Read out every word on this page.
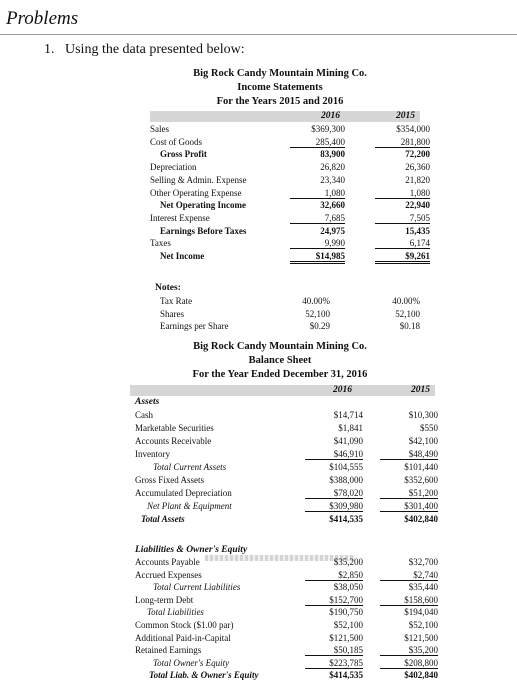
Problems
1. Using the data presented below:
Big Rock Candy Mountain Mining Co.
Income Statements
For the Years 2015 and 2016
2016	2015
Sales	$369,300	$354,000
Cost of Goods	285,400	281,800
Gross Profit	83,900	72,200
Depreciation	26,820	26,360
Selling & Admin. Expense	23,340	21,820
Other Operating Expense	1,080	1,080
Net Operating Income	32,660	22,940
Interest Expense	7,685	7,505
Earnings Before Taxes	24,975	15,435
Taxes	9,990	6,174
Net Income	$14,985	$9,261
Notes:
Tax Rate	40.00%	40.00%
Shares	52,100	52,100
Earnings per Share	$0.29	$0.18
Big Rock Candy Mountain Mining Co.
Balance Sheet
For the Year Ended December 31, 2016
2016	2015
Assets
Cash	$14,714	$10,300
Marketable Securities	$1,841	$550
Accounts Receivable	$41,090	$42,100
Inventory	$46,910	$48,490
Total Current Assets	$104,555	$101,440
Gross Fixed Assets	$388,000	$352,600
Accumulated Depreciation	$78,020	$51,200
Net Plant & Equipment	$309,980	$301,400
Total Assets	$414,535	$402,840
Liabilities & Owner's Equity
Accounts Payable	$35,200	$32,700
Accrued Expenses	$2,850	$2,740
Total Current Liabilities	$38,050	$35,440
Long-term Debt	$152,700	$158,600
Total Liabilities	$190,750	$194,040
Common Stock ($1.00 par)	$52,100	$52,100
Additional Paid-in-Capital	$121,500	$121,500
Retained Earnings	$50,185	$35,200
Total Owner's Equity	$223,785	$208,800
Total Liab. & Owner's Equity	$414,535	$402,840
